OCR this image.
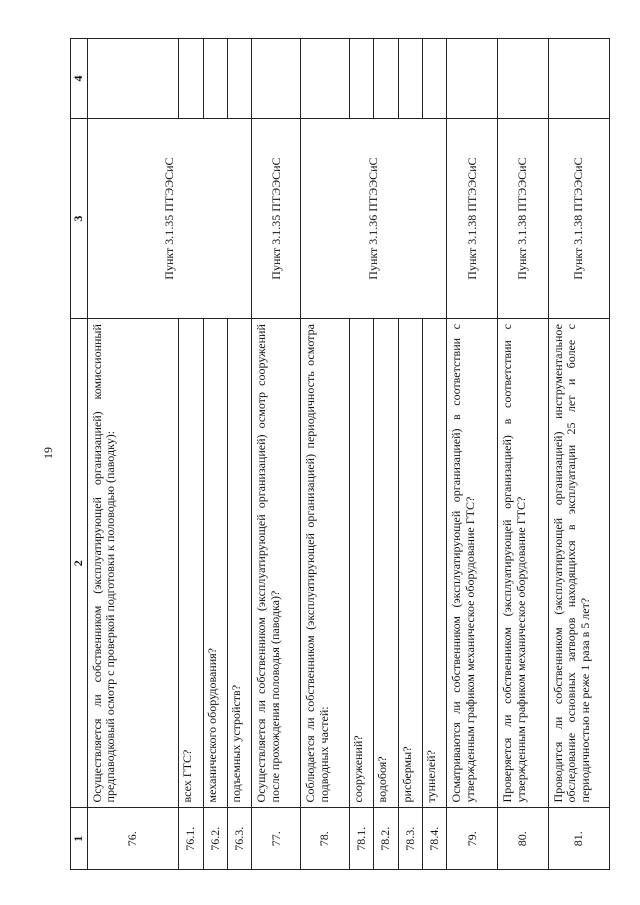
19
1	2	3	4
76.	Осуществляется ли собственником (эксплуатирующей организацией) комиссионный предпаводковый осмотр с проверкой подготовки к половодью (паводку):	Пункт 3.1.35 ПТЭЭСиС	
76.1.	всех ГТС?		
76.2.	механического оборудования?		
76.3.	подъемных устройств?		
77.	Осуществляется ли собственником (эксплуатирующей организацией) осмотр сооружений после прохождения половодья (паводка)?	Пункт 3.1.35 ПТЭЭСиС	
78.	Соблюдается ли собственником (эксплуатирующей организацией) периодичность осмотра подводных частей:	Пункт 3.1.36 ПТЭЭСиС	
78.1.	сооружений?		
78.2.	водобоя?		
78.3.	рисбермы?		
78.4.	туннелей?		
79.	Осматриваются ли собственником (эксплуатирующей организацией) в соответствии с утвержденным графиком механическое оборудование ГТС?	Пункт 3.1.38 ПТЭЭСиС	
80.	Проверяется ли собственником (эксплуатирующей организацией) в соответствии с утвержденным графиком механическое оборудование ГТС?	Пункт 3.1.38 ПТЭЭСиС	
81.	Проводится ли собственником (эксплуатирующей организацией) инструментальное обследование основных затворов находящихся в эксплуатации 25 лет и более с периодичностью не реже 1 раза в 5 лет?	Пункт 3.1.38 ПТЭЭСиС	
